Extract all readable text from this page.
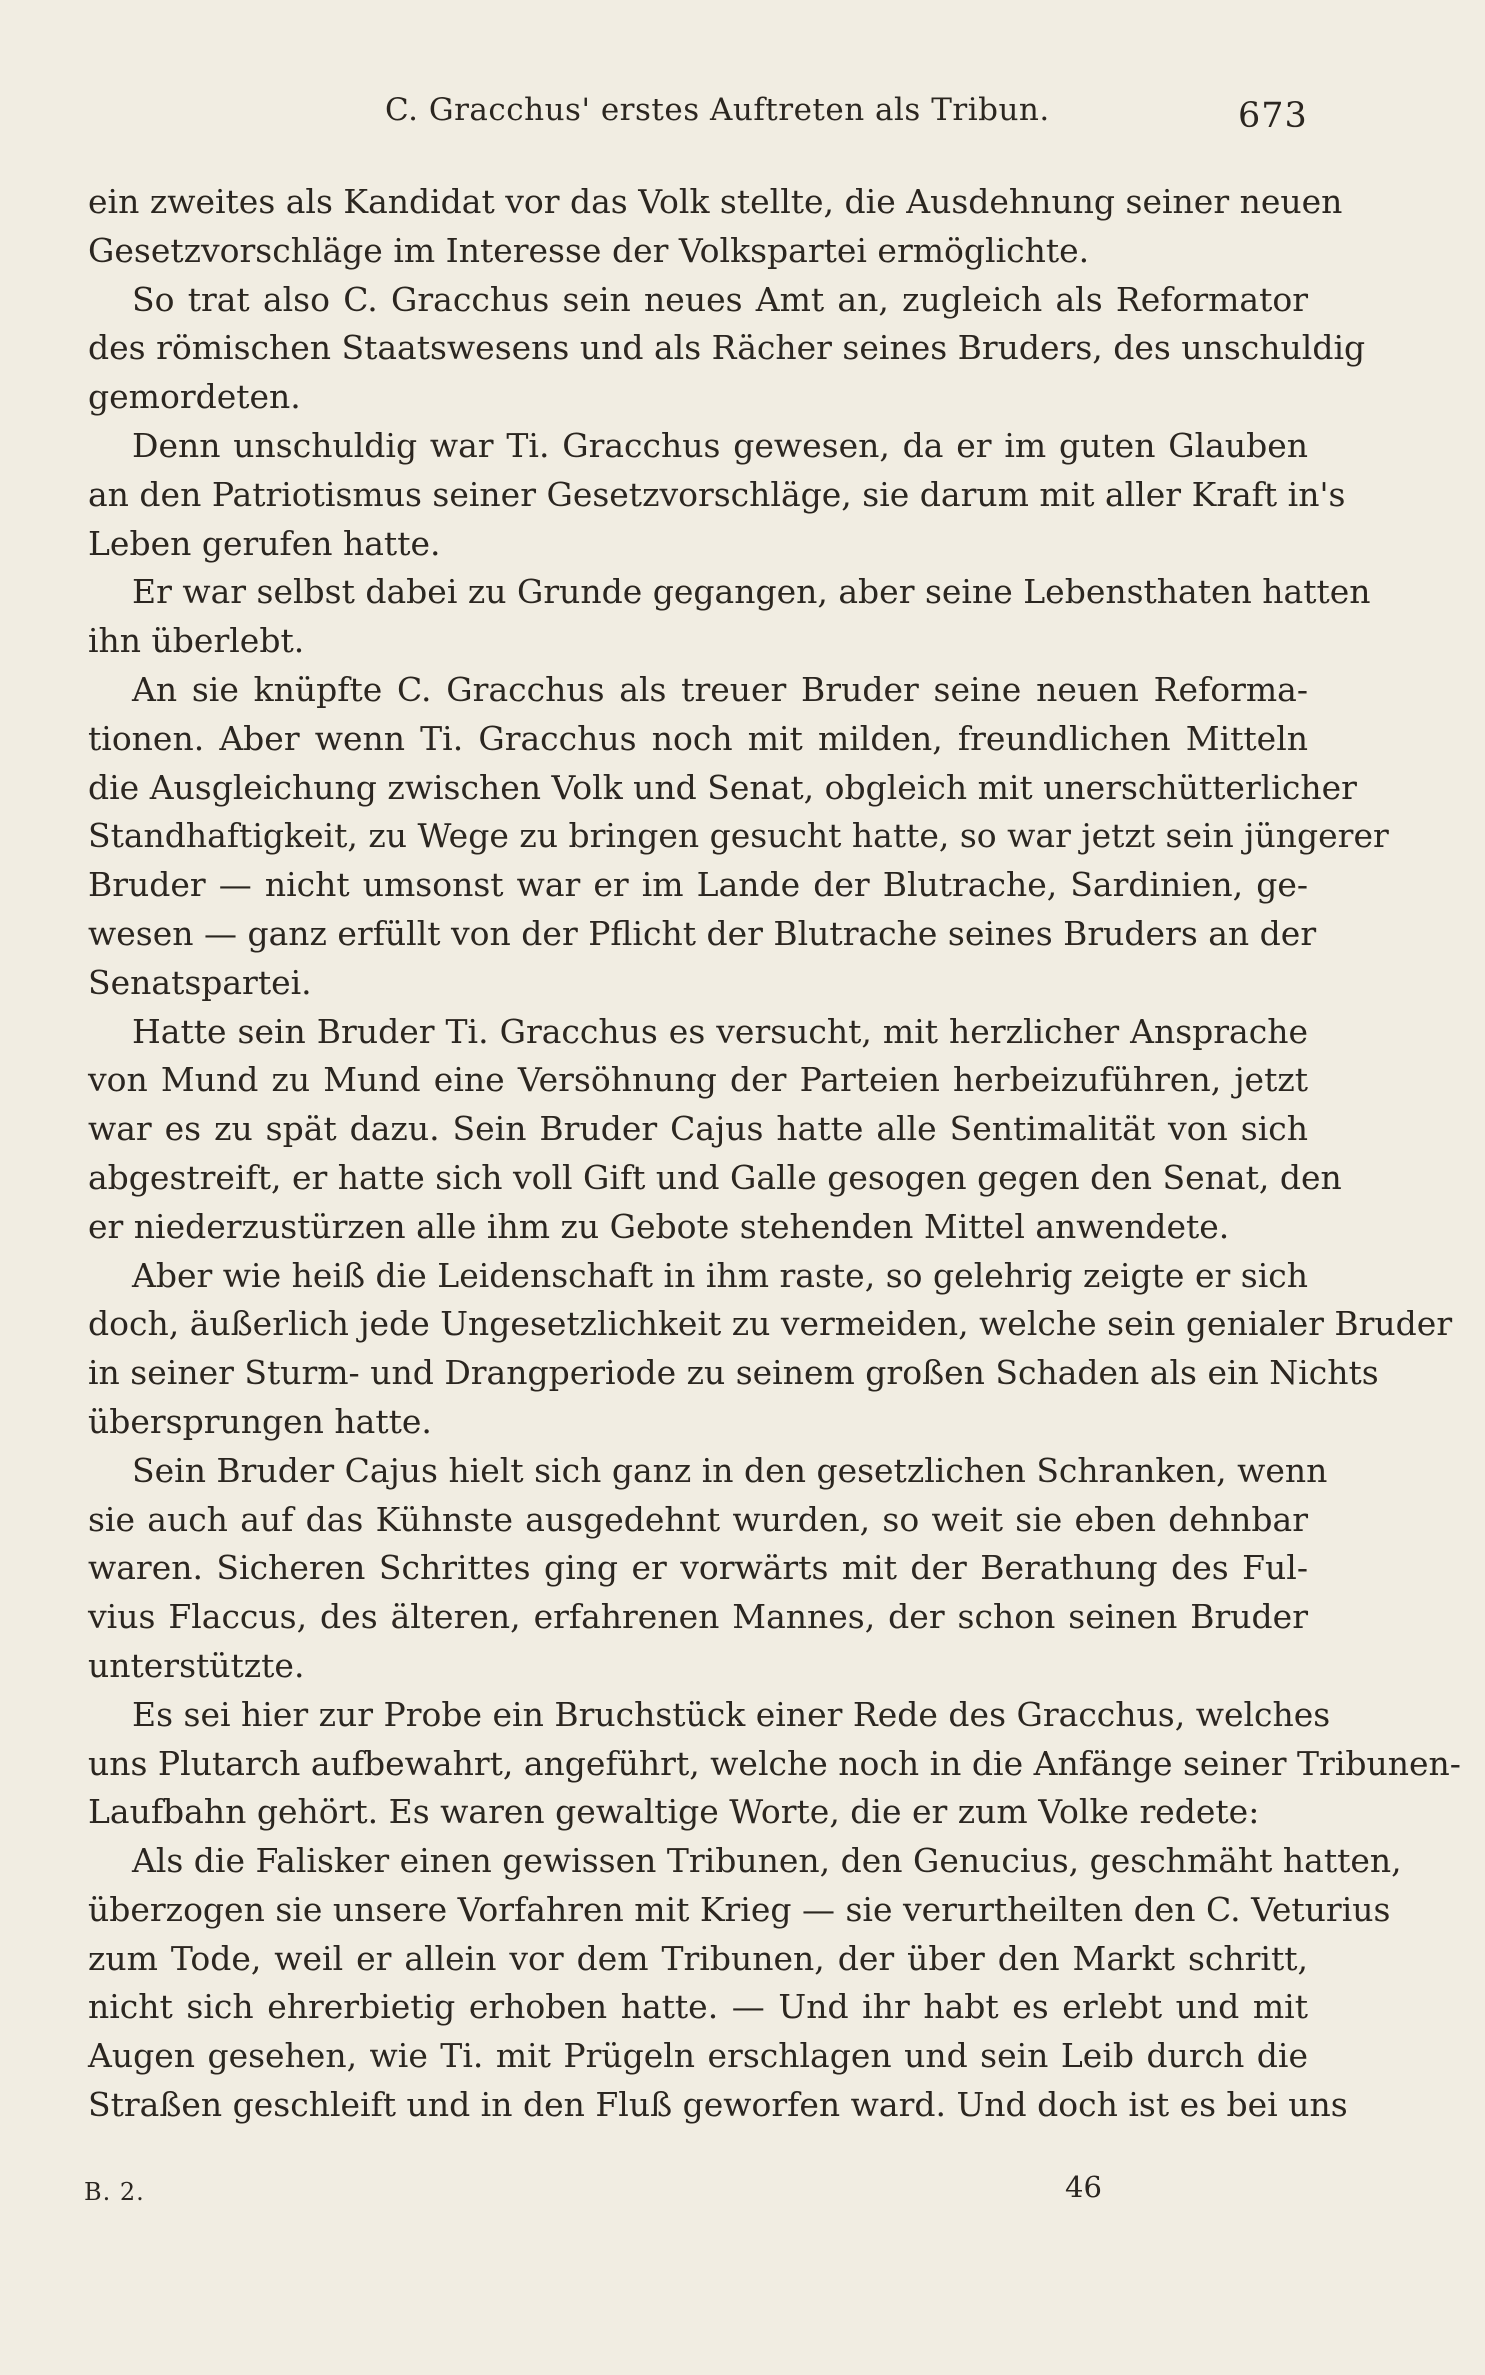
C. Gracchus' erstes Auftreten als Tribun.	673
ein zweites als Kandidat vor das Volk stellte, die Ausdehnung seiner neuen
Gesetzvorschläge im Interesse der Volkspartei ermöglichte.
So trat also C. Gracchus sein neues Amt an, zugleich als Reformator
des römischen Staatswesens und als Rächer seines Bruders, des unschuldig
gemordeten.
Denn unschuldig war Ti. Gracchus gewesen, da er im guten Glauben
an den Patriotismus seiner Gesetzvorschläge, sie darum mit aller Kraft in's
Leben gerufen hatte.
Er war selbst dabei zu Grunde gegangen, aber seine Lebensthaten hatten
ihn überlebt.
An sie knüpfte C. Gracchus als treuer Bruder seine neuen Reforma-
tionen. Aber wenn Ti. Gracchus noch mit milden, freundlichen Mitteln
die Ausgleichung zwischen Volk und Senat, obgleich mit unerschütterlicher
Standhaftigkeit, zu Wege zu bringen gesucht hatte, so war jetzt sein jüngerer
Bruder — nicht umsonst war er im Lande der Blutrache, Sardinien, ge-
wesen — ganz erfüllt von der Pflicht der Blutrache seines Bruders an der
Senatspartei.
Hatte sein Bruder Ti. Gracchus es versucht, mit herzlicher Ansprache
von Mund zu Mund eine Versöhnung der Parteien herbeizuführen, jetzt
war es zu spät dazu. Sein Bruder Cajus hatte alle Sentimalität von sich
abgestreift, er hatte sich voll Gift und Galle gesogen gegen den Senat, den
er niederzustürzen alle ihm zu Gebote stehenden Mittel anwendete.
Aber wie heiß die Leidenschaft in ihm raste, so gelehrig zeigte er sich
doch, äußerlich jede Ungesetzlichkeit zu vermeiden, welche sein genialer Bruder
in seiner Sturm- und Drangperiode zu seinem großen Schaden als ein Nichts
übersprungen hatte.
Sein Bruder Cajus hielt sich ganz in den gesetzlichen Schranken, wenn
sie auch auf das Kühnste ausgedehnt wurden, so weit sie eben dehnbar
waren. Sicheren Schrittes ging er vorwärts mit der Berathung des Ful-
vius Flaccus, des älteren, erfahrenen Mannes, der schon seinen Bruder
unterstützte.
Es sei hier zur Probe ein Bruchstück einer Rede des Gracchus, welches
uns Plutarch aufbewahrt, angeführt, welche noch in die Anfänge seiner Tribunen-
Laufbahn gehört. Es waren gewaltige Worte, die er zum Volke redete:
Als die Falisker einen gewissen Tribunen, den Genucius, geschmäht hatten,
überzogen sie unsere Vorfahren mit Krieg — sie verurtheilten den C. Veturius
zum Tode, weil er allein vor dem Tribunen, der über den Markt schritt,
nicht sich ehrerbietig erhoben hatte. — Und ihr habt es erlebt und mit
Augen gesehen, wie Ti. mit Prügeln erschlagen und sein Leib durch die
Straßen geschleift und in den Fluß geworfen ward. Und doch ist es bei uns
B. 2.	46
